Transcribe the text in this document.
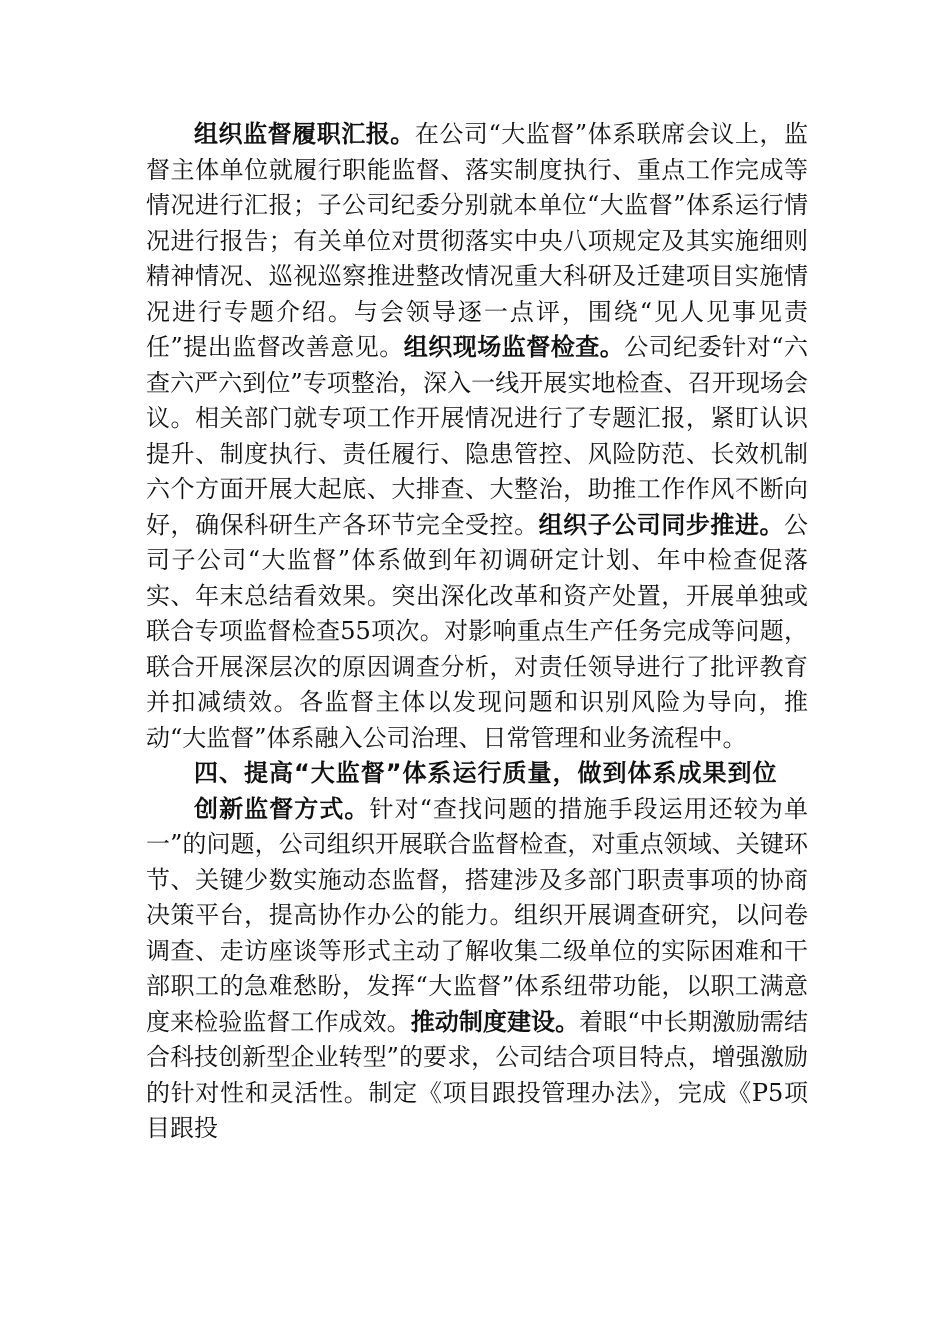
组织监督履职汇报。在公司“大监督”体系联席会议上，监督主体单位就履行职能监督、落实制度执行、重点工作完成等情况进行汇报；子公司纪委分别就本单位“大监督”体系运行情况进行报告；有关单位对贯彻落实中央八项规定及其实施细则精神情况、巡视巡察推进整改情况重大科研及迁建项目实施情况进行专题介绍。与会领导逐一点评，围绕“见人见事见责任”提出监督改善意见。组织现场监督检查。公司纪委针对“六查六严六到位”专项整治，深入一线开展实地检查、召开现场会议。相关部门就专项工作开展情况进行了专题汇报，紧盯认识提升、制度执行、责任履行、隐患管控、风险防范、长效机制六个方面开展大起底、大排查、大整治，助推工作作风不断向好，确保科研生产各环节完全受控。组织子公司同步推进。公司子公司“大监督”体系做到年初调研定计划、年中检查促落实、年末总结看效果。突出深化改革和资产处置，开展单独或联合专项监督检查55项次。对影响重点生产任务完成等问题，联合开展深层次的原因调查分析，对责任领导进行了批评教育并扣减绩效。各监督主体以发现问题和识别风险为导向，推动“大监督”体系融入公司治理、日常管理和业务流程中。

四、提高“大监督”体系运行质量，做到体系成果到位

创新监督方式。针对“查找问题的措施手段运用还较为单一”的问题，公司组织开展联合监督检查，对重点领域、关键环节、关键少数实施动态监督，搭建涉及多部门职责事项的协商决策平台，提高协作办公的能力。组织开展调查研究，以问卷调查、走访座谈等形式主动了解收集二级单位的实际困难和干部职工的急难愁盼，发挥“大监督”体系纽带功能，以职工满意度来检验监督工作成效。推动制度建设。着眼“中长期激励需结合科技创新型企业转型”的要求，公司结合项目特点，增强激励的针对性和灵活性。制定《项目跟投管理办法》，完成《P5项目跟投
